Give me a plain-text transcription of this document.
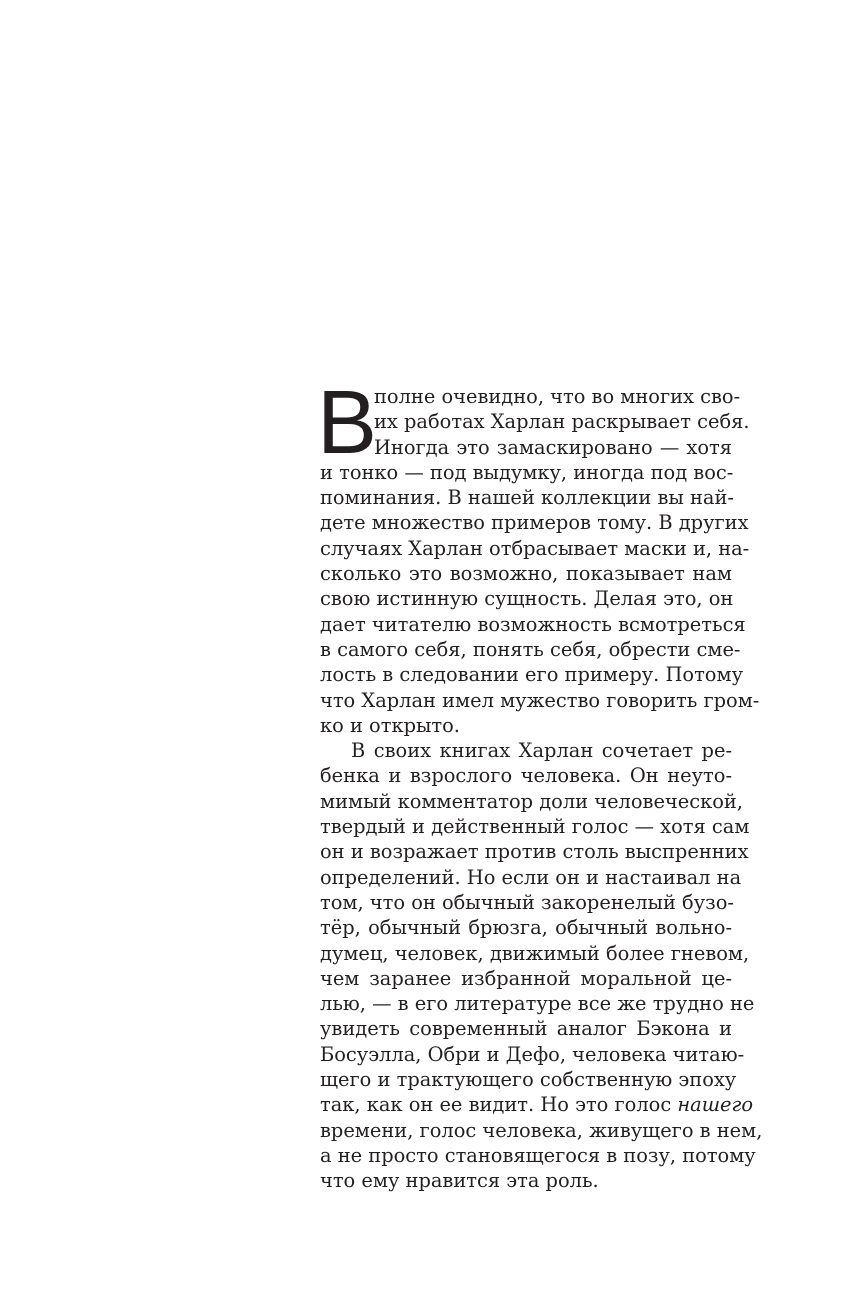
В
полне очевидно, что во многих сво-
их работах Харлан раскрывает себя.
Иногда это замаскировано — хотя
и тонко — под выдумку, иногда под вос-
поминания. В нашей коллекции вы най-
дете множество примеров тому. В других
случаях Харлан отбрасывает маски и, на-
сколько это возможно, показывает нам
свою истинную сущность. Делая это, он
дает читателю возможность всмотреться
в самого себя, понять себя, обрести сме-
лость в следовании его примеру. Потому
что Харлан имел мужество говорить гром-
ко и открыто.
В своих книгах Харлан сочетает ре-
бенка и взрослого человека. Он неуто-
мимый комментатор доли человеческой,
твердый и действенный голос — хотя сам
он и возражает против столь выспренних
определений. Но если он и настаивал на
том, что он обычный закоренелый бузо-
тёр, обычный брюзга, обычный вольно-
думец, человек, движимый более гневом,
чем заранее избранной моральной це-
лью, — в его литературе все же трудно не
увидеть современный аналог Бэкона и
Босуэлла, Обри и Дефо, человека читаю-
щего и трактующего собственную эпоху
так, как он ее видит. Но это голос нашего
времени, голос человека, живущего в нем,
а не просто становящегося в позу, потому
что ему нравится эта роль.
